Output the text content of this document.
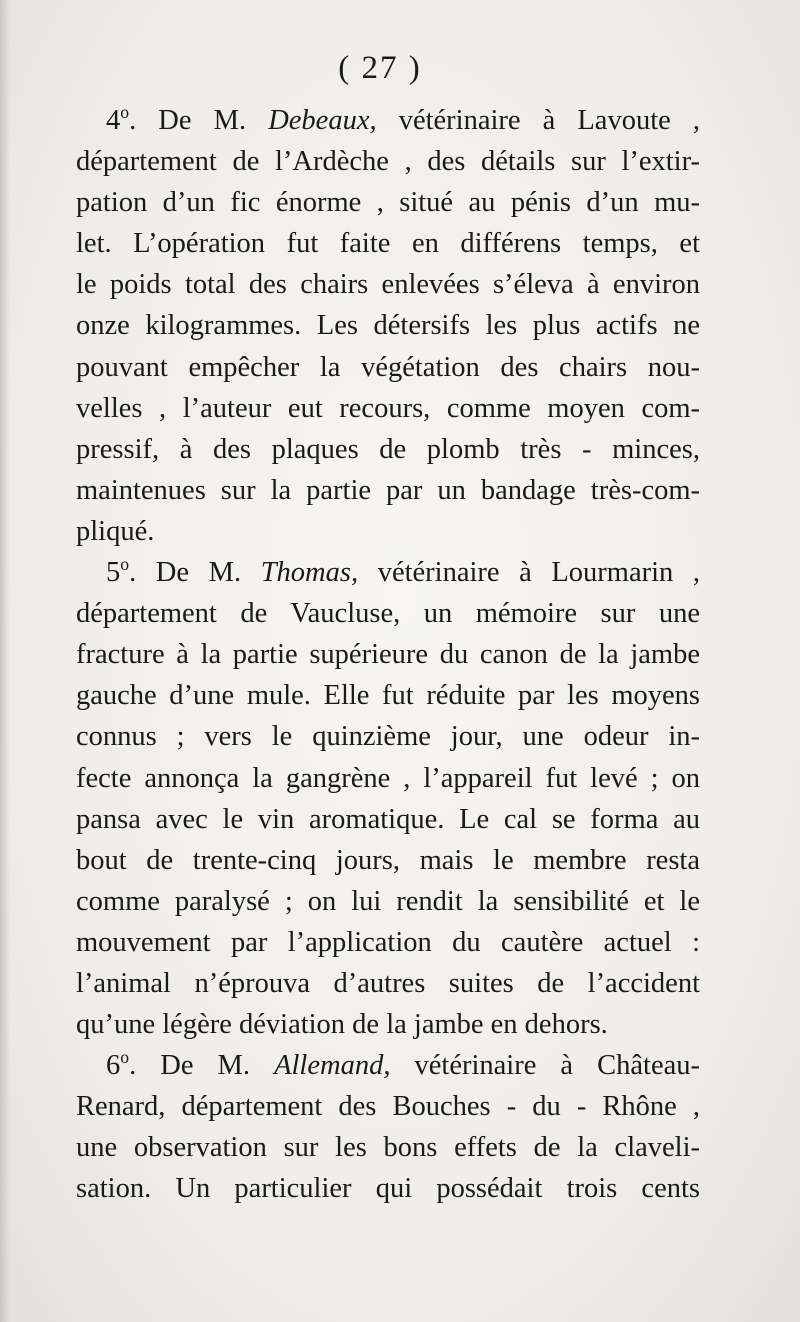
( 27 )
4$^o$. De M. Debeaux, vétérinaire à Lavoute ,
département de l’Ardèche , des détails sur l’extir-
pation d’un fic énorme , situé au pénis d’un mu-
let. L’opération fut faite en différens temps, et
le poids total des chairs enlevées s’éleva à environ
onze kilogrammes. Les détersifs les plus actifs ne
pouvant empêcher la végétation des chairs nou-
velles , l’auteur eut recours, comme moyen com-
pressif, à des plaques de plomb très - minces,
maintenues sur la partie par un bandage très-com-
pliqué.
5$^o$. De M. Thomas, vétérinaire à Lourmarin ,
département de Vaucluse, un mémoire sur une
fracture à la partie supérieure du canon de la jambe
gauche d’une mule. Elle fut réduite par les moyens
connus ; vers le quinzième jour, une odeur in-
fecte annonça la gangrène , l’appareil fut levé ; on
pansa avec le vin aromatique. Le cal se forma au
bout de trente-cinq jours, mais le membre resta
comme paralysé ; on lui rendit la sensibilité et le
mouvement par l’application du cautère actuel :
l’animal n’éprouva d’autres suites de l’accident
qu’une légère déviation de la jambe en dehors.
6$^o$. De M. Allemand, vétérinaire à Château-
Renard, département des Bouches - du - Rhône ,
une observation sur les bons effets de la claveli-
sation. Un particulier qui possédait trois cents
